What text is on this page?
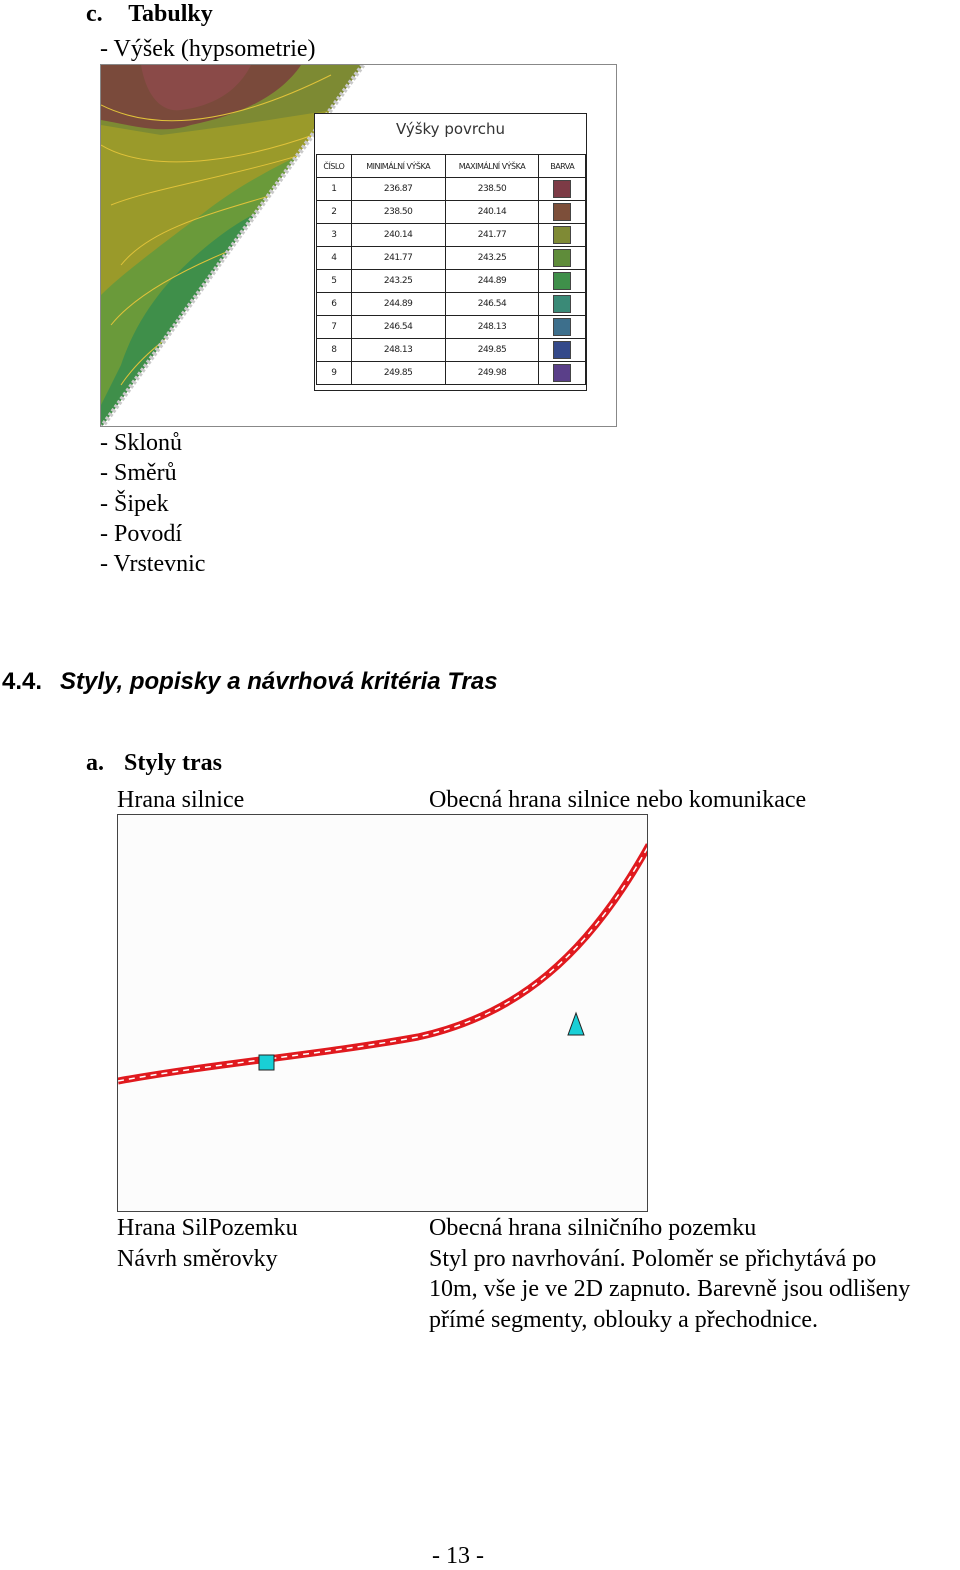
c. Tabulky
- Výšek (hypsometrie)
Výšky povrchu
ČÍSLO	MINIMÁLNÍ VÝŠKA	MAXIMÁLNÍ VÝŠKA	BARVA
1	236.87	238.50	
2	238.50	240.14	
3	240.14	241.77	
4	241.77	243.25	
5	243.25	244.89	
6	244.89	246.54	
7	246.54	248.13	
8	248.13	249.85	
9	249.85	249.98	
- Sklonů
- Směrů
- Šipek
- Povodí
- Vrstevnic
4.4. Styly, popisky a návrhová kritéria Tras
a. Styly tras
Hrana silnice	Obecná hrana silnice nebo komunikace
Hrana SilPozemku	Obecná hrana silničního pozemku
Návrh směrovky	Styl pro navrhování. Poloměr se přichytává po
10m, vše je ve 2D zapnuto. Barevně jsou odlišeny
přímé segmenty, oblouky a přechodnice.
- 13 -
